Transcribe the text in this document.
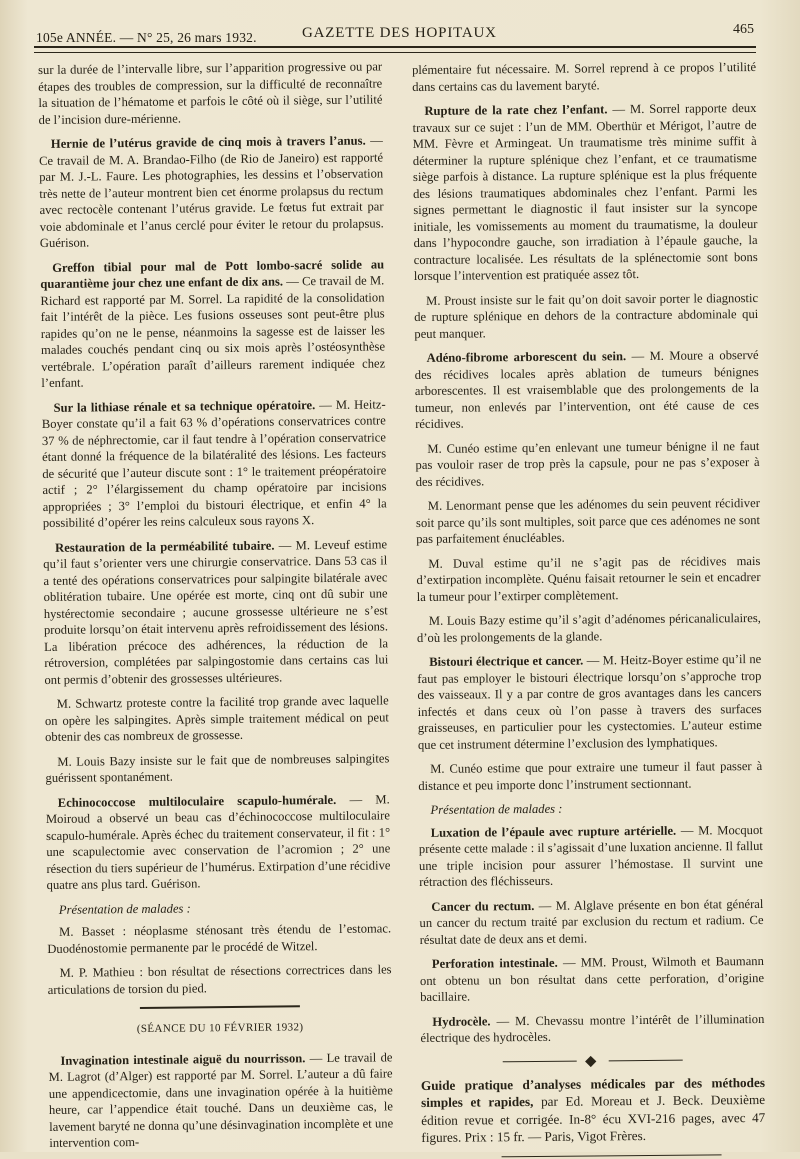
105e ANNÉE. — N° 25, 26 mars 1932.	GAZETTE DES HOPITAUX	465

sur la durée de l’intervalle libre, sur l’apparition progressive ou par étapes des troubles de compression, sur la difficulté de reconnaître la situation de l’hématome et parfois le côté où il siège, sur l’utilité de l’incision dure-mérienne.

Hernie de l’utérus gravide de cinq mois à travers l’anus. — Ce travail de M. A. Brandao-Filho (de Rio de Janeiro) est rapporté par M. J.-L. Faure. Les photographies, les dessins et l’observation très nette de l’auteur montrent bien cet énorme prolapsus du rectum avec rectocèle contenant l’utérus gravide. Le fœtus fut extrait par voie abdominale et l’anus cerclé pour éviter le retour du prolapsus. Guérison.

Greffon tibial pour mal de Pott lombo-sacré solide au quarantième jour chez une enfant de dix ans. — Ce travail de M. Richard est rapporté par M. Sorrel. La rapidité de la consolidation fait l’intérêt de la pièce. Les fusions osseuses sont peut-être plus rapides qu’on ne le pense, néanmoins la sagesse est de laisser les malades couchés pendant cinq ou six mois après l’ostéosynthèse vertébrale. L’opération paraît d’ailleurs rarement indiquée chez l’enfant.

Sur la lithiase rénale et sa technique opératoire. — M. Heitz-Boyer constate qu’il a fait 63 % d’opérations conservatrices contre 37 % de néphrectomie, car il faut tendre à l’opération conservatrice étant donné la fréquence de la bilatéralité des lésions. Les facteurs de sécurité que l’auteur discute sont : 1° le traitement préopératoire actif ; 2° l’élargissement du champ opératoire par incisions appropriées ; 3° l’emploi du bistouri électrique, et enfin 4° la possibilité d’opérer les reins calculeux sous rayons X.

Restauration de la perméabilité tubaire. — M. Leveuf estime qu’il faut s’orienter vers une chirurgie conservatrice. Dans 53 cas il a tenté des opérations conservatrices pour salpingite bilatérale avec oblitération tubaire. Une opérée est morte, cinq ont dû subir une hystérectomie secondaire ; aucune grossesse ultérieure ne s’est produite lorsqu’on était intervenu après refroidissement des lésions. La libération précoce des adhérences, la réduction de la rétroversion, complétées par salpingostomie dans certains cas lui ont permis d’obtenir des grossesses ultérieures.

M. Schwartz proteste contre la facilité trop grande avec laquelle on opère les salpingites. Après simple traitement médical on peut obtenir des cas nombreux de grossesse.

M. Louis Bazy insiste sur le fait que de nombreuses salpingites guérissent spontanément.

Echinococcose multiloculaire scapulo-humérale. — M. Moiroud a observé un beau cas d’échinococcose multiloculaire scapulo-humérale. Après échec du traitement conservateur, il fit : 1° une scapulectomie avec conservation de l’acromion ; 2° une résection du tiers supérieur de l’humérus. Extirpation d’une récidive quatre ans plus tard. Guérison.

Présentation de malades :

M. Basset : néoplasme sténosant très étendu de l’estomac. Duodénostomie permanente par le procédé de Witzel.

M. P. Mathieu : bon résultat de résections correctrices dans les articulations de torsion du pied.

(SÉANCE DU 10 FÉVRIER 1932)

Invagination intestinale aiguë du nourrisson. — Le travail de M. Lagrot (d’Alger) est rapporté par M. Sorrel. L’auteur a dû faire une appendicectomie, dans une invagination opérée à la huitième heure, car l’appendice était touché. Dans un deuxième cas, le lavement baryté ne donna qu’une désinvagination incomplète et une intervention com-

plémentaire fut nécessaire. M. Sorrel reprend à ce propos l’utilité dans certains cas du lavement baryté.

Rupture de la rate chez l’enfant. — M. Sorrel rapporte deux travaux sur ce sujet : l’un de MM. Oberthür et Mérigot, l’autre de MM. Fèvre et Armingeat. Un traumatisme très minime suffit à déterminer la rupture splénique chez l’enfant, et ce traumatisme siège parfois à distance. La rupture splénique est la plus fréquente des lésions traumatiques abdominales chez l’enfant. Parmi les signes permettant le diagnostic il faut insister sur la syncope initiale, les vomissements au moment du traumatisme, la douleur dans l’hypocondre gauche, son irradiation à l’épaule gauche, la contracture localisée. Les résultats de la splénectomie sont bons lorsque l’intervention est pratiquée assez tôt.

M. Proust insiste sur le fait qu’on doit savoir porter le diagnostic de rupture splénique en dehors de la contracture abdominale qui peut manquer.

Adéno-fibrome arborescent du sein. — M. Moure a observé des récidives locales après ablation de tumeurs bénignes arborescentes. Il est vraisemblable que des prolongements de la tumeur, non enlevés par l’intervention, ont été cause de ces récidives.

M. Cunéo estime qu’en enlevant une tumeur bénigne il ne faut pas vouloir raser de trop près la capsule, pour ne pas s’exposer à des récidives.

M. Lenormant pense que les adénomes du sein peuvent récidiver soit parce qu’ils sont multiples, soit parce que ces adénomes ne sont pas parfaitement énucléables.

M. Duval estime qu’il ne s’agit pas de récidives mais d’extirpation incomplète. Quénu faisait retourner le sein et encadrer la tumeur pour l’extirper complètement.

M. Louis Bazy estime qu’il s’agit d’adénomes péricanaliculaires, d’où les prolongements de la glande.

Bistouri électrique et cancer. — M. Heitz-Boyer estime qu’il ne faut pas employer le bistouri électrique lorsqu’on s’approche trop des vaisseaux. Il y a par contre de gros avantages dans les cancers infectés et dans ceux où l’on passe à travers des surfaces graisseuses, en particulier pour les cystectomies. L’auteur estime que cet instrument détermine l’exclusion des lymphatiques.

M. Cunéo estime que pour extraire une tumeur il faut passer à distance et peu importe donc l’instrument sectionnant.

Présentation de malades :

Luxation de l’épaule avec rupture artérielle. — M. Mocquot présente cette malade : il s’agissait d’une luxation ancienne. Il fallut une triple incision pour assurer l’hémostase. Il survint une rétraction des fléchisseurs.

Cancer du rectum. — M. Alglave présente en bon état général un cancer du rectum traité par exclusion du rectum et radium. Ce résultat date de deux ans et demi.

Perforation intestinale. — MM. Proust, Wilmoth et Baumann ont obtenu un bon résultat dans cette perforation, d’origine bacillaire.

Hydrocèle. — M. Chevassu montre l’intérêt de l’illumination électrique des hydrocèles.

Guide pratique d’analyses médicales par des méthodes simples et rapides, par Ed. Moreau et J. Beck. Deuxième édition revue et corrigée. In-8° écu XVI-216 pages, avec 47 figures. Prix : 15 fr. — Paris, Vigot Frères.
